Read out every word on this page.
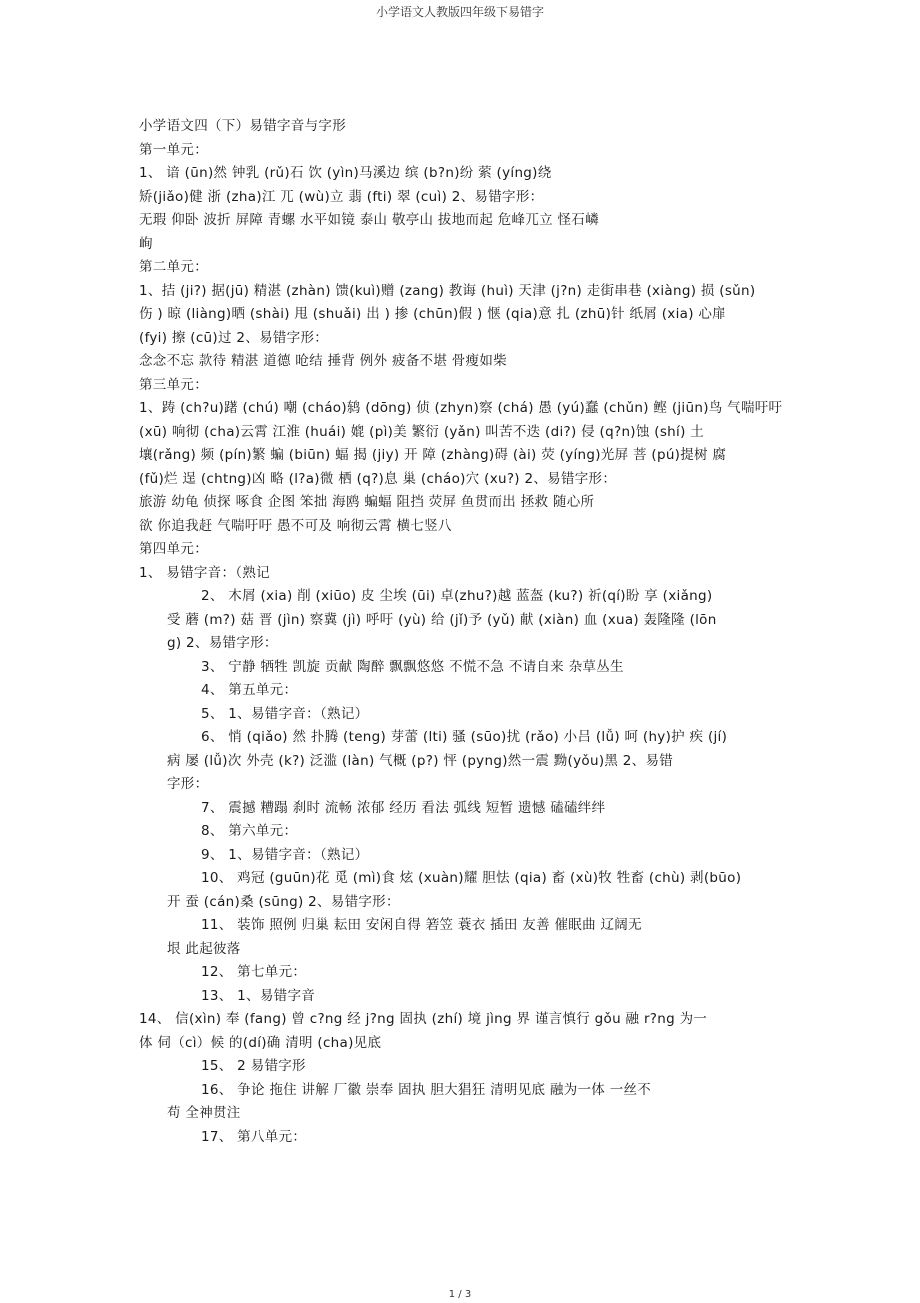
小学语文人教版四年级下易错字
小学语文四（下）易错字音与字形
第一单元：
1、 谙 (ūn)然 钟乳 (rǔ)石 饮 (yìn)马溪边 缤 (b?n)纷 萦 (yíng)绕
矫(jiǎo)健 浙 (zha)江 兀 (wù)立 翡 (fti) 翠 (cuì) 2、易错字形：
无瑕 仰卧 波折 屏障 青螺 水平如镜 泰山 敬亭山 拔地而起 危峰兀立 怪石嶙
峋
第二单元：
1、拮 (ji?) 据(jū) 精湛 (zhàn) 馈(kuì)赠 (zang) 教诲 (huì) 天津 (j?n) 走街串巷 (xiàng) 损 (sǔn)
伤 ) 晾 (liàng)晒 (shài) 甩 (shuǎi) 出 ) 掺 (chūn)假 ) 惬 (qia)意 扎 (zhū)针 纸屑 (xia) 心扉
(fyi) 擦 (cū)过 2、易错字形：
念念不忘 款待 精湛 道德 呛结 捶背 例外 疲备不堪 骨瘦如柴
第三单元：
1、踌 (ch?u)躇 (chú) 嘲 (cháo)鸫 (dōng) 侦 (zhyn)察 (chá) 愚 (yú)蠢 (chǔn) 鲣 (jiūn)鸟 气喘吁吁
(xū) 响彻 (cha)云霄 江淮 (huái) 媲 (pì)美 繁衍 (yǎn) 叫苦不迭 (di?) 侵 (q?n)蚀 (shí) 土
壤(rǎng) 频 (pín)繁 蝙 (biūn) 蝠 揭 (jiy) 开 障 (zhàng)碍 (ài) 荧 (yíng)光屏 菩 (pú)提树 腐
(fǔ)烂 逞 (chtng)凶 略 (l?a)微 栖 (q?)息 巢 (cháo)穴 (xu?) 2、易错字形：
旅游 幼龟 侦探 啄食 企图 笨拙 海鸥 蝙蝠 阻挡 荧屏 鱼贯而出 拯救 随心所
欲 你追我赶 气喘吁吁 愚不可及 响彻云霄 横七竖八
第四单元：
1、 易错字音：（熟记
2、 木屑 (xia) 削 (xiūo) 皮 尘埃 (ūi) 卓(zhu?)越 蓝盔 (ku?) 祈(qí)盼 享 (xiǎng)
受 蘑 (m?) 菇 晋 (jìn) 察冀 (jì) 呼吁 (yù) 给 (jǐ)予 (yǔ) 献 (xiàn) 血 (xua) 轰隆隆 (lōn
g) 2、易错字形：
3、 宁静 牺牲 凯旋 贡献 陶醉 飘飘悠悠 不慌不急 不请自来 杂草丛生
4、 第五单元：
5、 1、易错字音：（熟记）
6、 悄 (qiǎo) 然 扑腾 (teng) 芽蕾 (lti) 骚 (sūo)扰 (rǎo) 小吕 (lǚ) 呵 (hy)护 疾 (jí)
病 屡 (lǚ)次 外壳 (k?) 泛滥 (làn) 气概 (p?) 怦 (pyng)然一震 黝(yǒu)黑 2、易错
字形：
7、 震撼 糟蹋 刹时 流畅 浓郁 经历 看法 弧线 短暂 遗憾 磕磕绊绊
8、 第六单元：
9、 1、易错字音：（熟记）
10、 鸡冠 (guūn)花 觅 (mì)食 炫 (xuàn)耀 胆怯 (qia) 畜 (xù)牧 牲畜 (chù) 剥(būo)
开 蚕 (cán)桑 (sūng) 2、易错字形：
11、 装饰 照例 归巢 耘田 安闲自得 箬笠 蓑衣 插田 友善 催眠曲 辽阔无
垠 此起彼落
12、 第七单元：
13、 1、易错字音
14、 信(xìn) 奉 (fang) 曾 c?ng 经 j?ng 固执 (zhí) 境 jìng 界 谨言慎行 gǒu 融 r?ng 为一
体 伺（cì）候 的(dí)确 清明 (cha)见底
15、 2 易错字形
16、 争论 拖住 讲解 厂徽 崇奉 固执 胆大猖狂 清明见底 融为一体 一丝不
苟 全神贯注
17、 第八单元：
1 / 3
